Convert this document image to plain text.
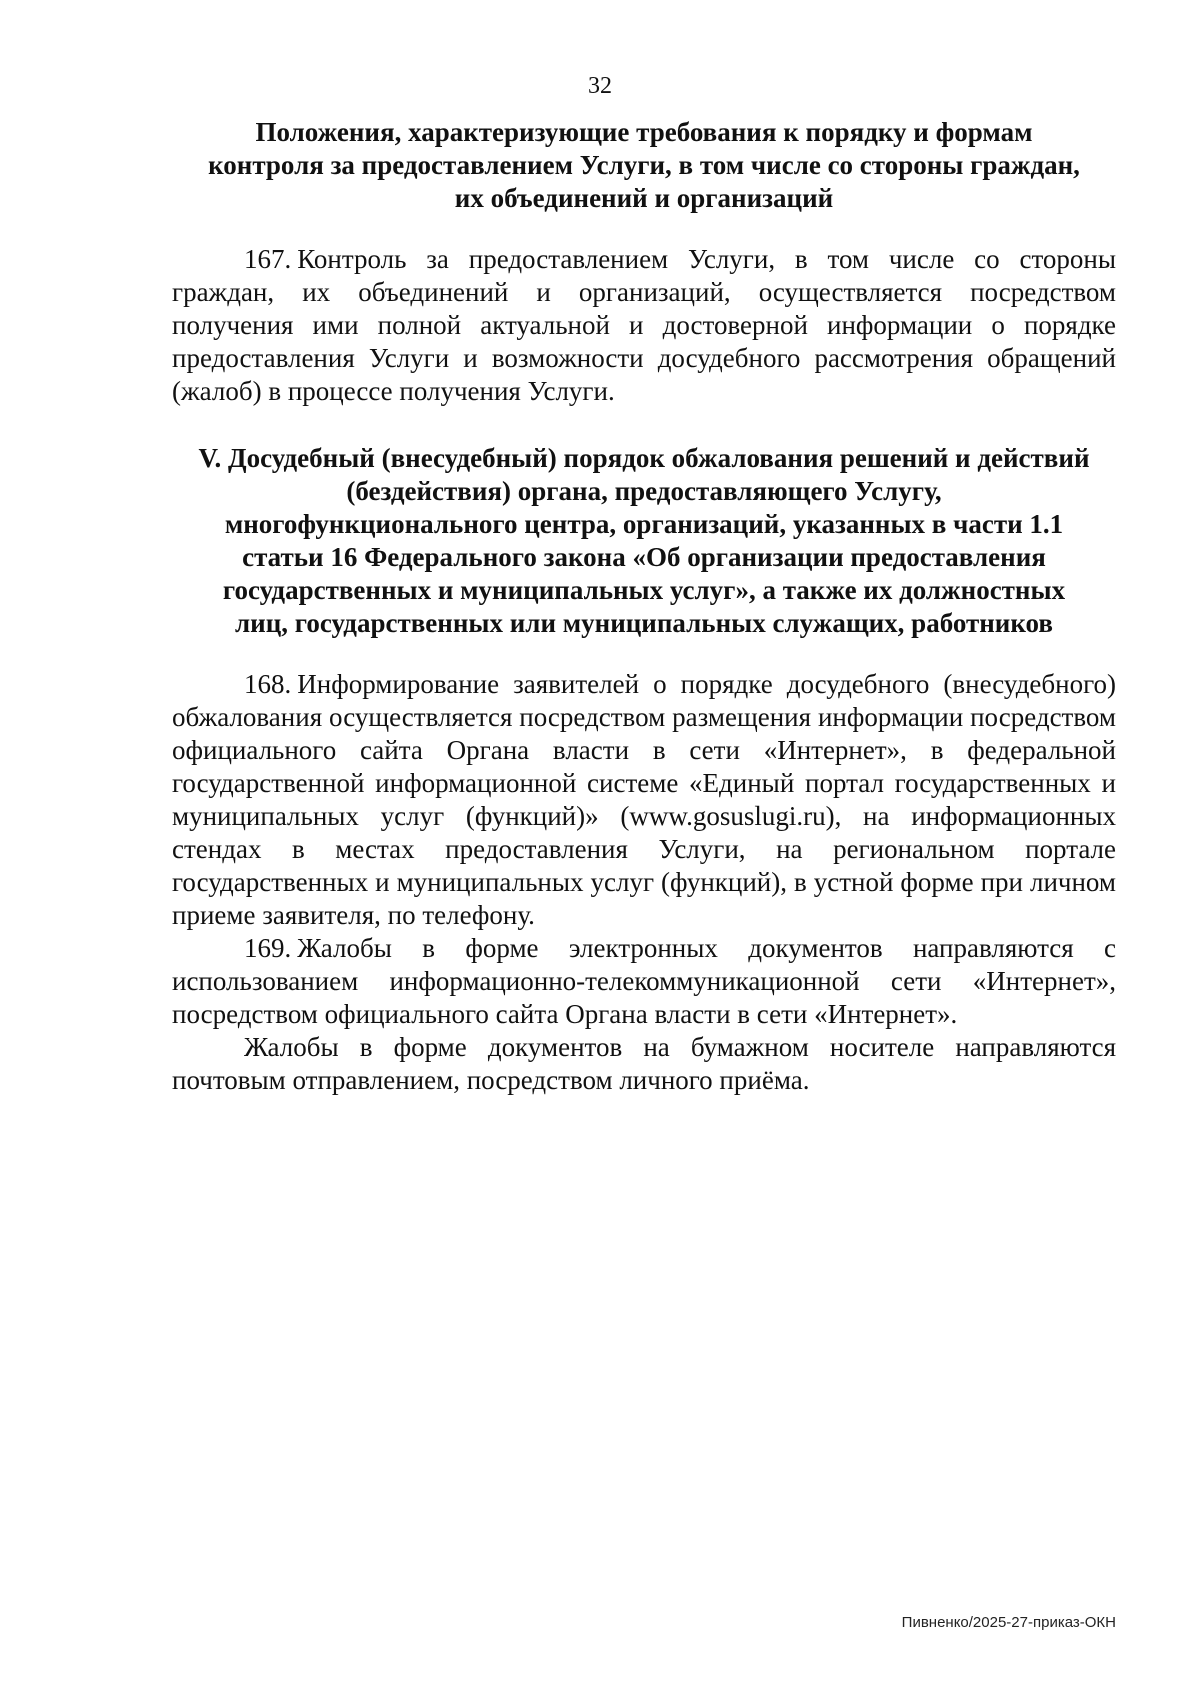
32
Положения, характеризующие требования к порядку и формам
контроля за предоставлением Услуги, в том числе со стороны граждан,
их объединений и организаций

167. Контроль за предоставлением Услуги, в том числе со стороны граждан, их объединений и организаций, осуществляется посредством получения ими полной актуальной и достоверной информации о порядке предоставления Услуги и возможности досудебного рассмотрения обращений (жалоб) в процессе получения Услуги.

V. Досудебный (внесудебный) порядок обжалования решений и действий
(бездействия) органа, предоставляющего Услугу,
многофункционального центра, организаций, указанных в части 1.1
статьи 16 Федерального закона «Об организации предоставления
государственных и муниципальных услуг», а также их должностных
лиц, государственных или муниципальных служащих, работников

168. Информирование заявителей о порядке досудебного (внесудебного) обжалования осуществляется посредством размещения информации посредством официального сайта Органа власти в сети «Интернет», в федеральной государственной информационной системе «Единый портал государственных и муниципальных услуг (функций)» (www.gosuslugi.ru), на информационных стендах в местах предоставления Услуги, на региональном портале государственных и муниципальных услуг (функций), в устной форме при личном приеме заявителя, по телефону.

169. Жалобы в форме электронных документов направляются с использованием информационно-телекоммуникационной сети «Интернет», посредством официального сайта Органа власти в сети «Интернет».

Жалобы в форме документов на бумажном носителе направляются почтовым отправлением, посредством личного приёма.

Пивненко/2025-27-приказ-ОКН
